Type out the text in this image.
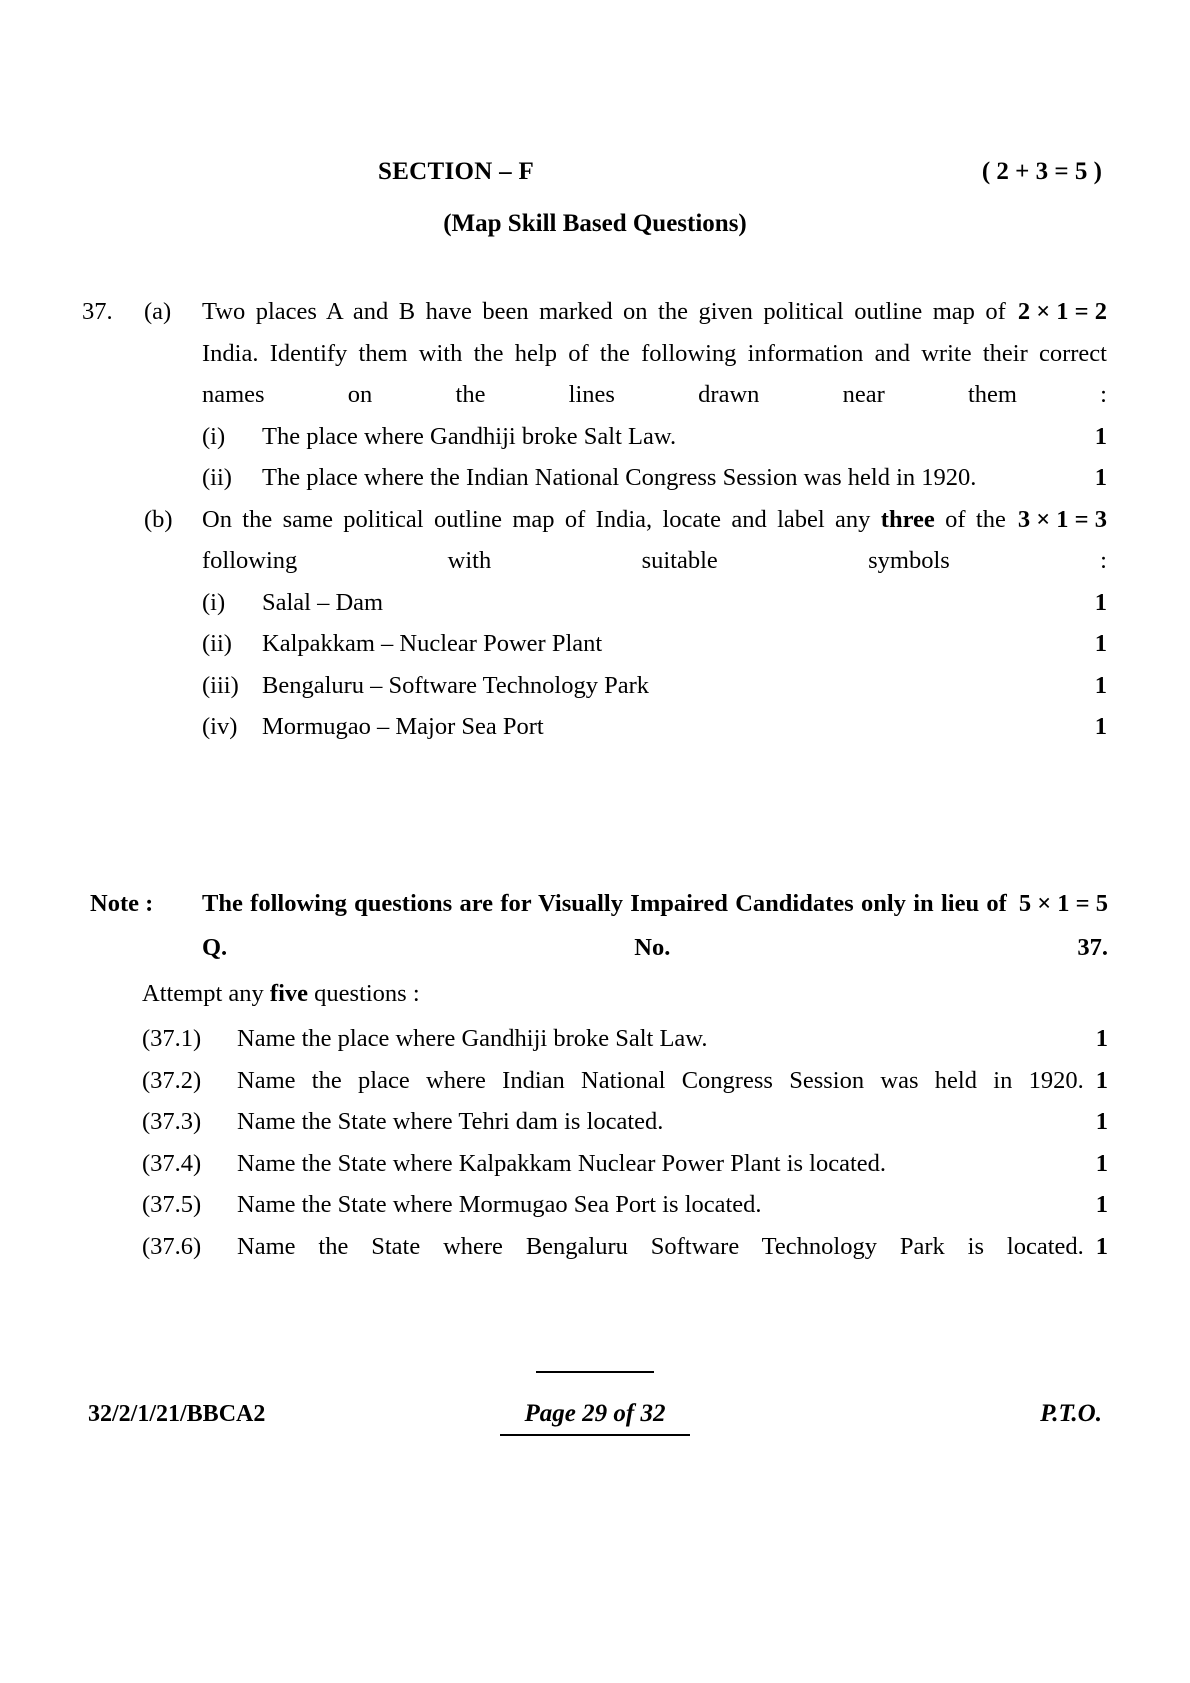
SECTION – F	( 2 + 3 = 5 )
(Map Skill Based Questions)
37.	(a)	2 × 1 = 2
Two places A and B have been marked on the given political outline map of India. Identify them with the help of the following information and write their correct names on the lines drawn near them :
(i)	1
The place where Gandhiji broke Salt Law.
(ii)	1
The place where the Indian National Congress Session was held in 1920.
(b)	3 × 1 = 3
On the same political outline map of India, locate and label any three of the following with suitable symbols :
(i)	1
Salal – Dam
(ii)	1
Kalpakkam – Nuclear Power Plant
(iii)	1
Bengaluru – Software Technology Park
(iv)	1
Mormugao – Major Sea Port
Note :	5 × 1 = 5
The following questions are for Visually Impaired Candidates only in lieu of Q. No. 37.
Attempt any five questions :
(37.1)	1
Name the place where Gandhiji broke Salt Law.
(37.2)	1
Name the place where Indian National Congress Session was held in 1920.
(37.3)	1
Name the State where Tehri dam is located.
(37.4)	1
Name the State where Kalpakkam Nuclear Power Plant is located.
(37.5)	1
Name the State where Mormugao Sea Port is located.
(37.6)	1
Name the State where Bengaluru Software Technology Park is located.
32/2/1/21/BBCA2	Page 29 of 32	P.T.O.
